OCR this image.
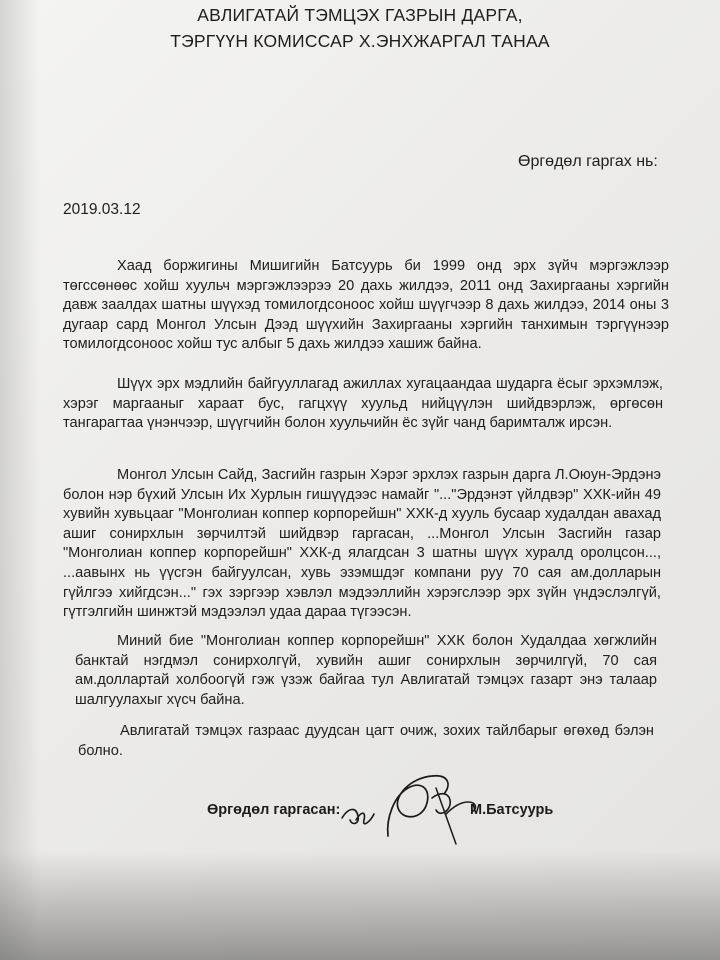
АВЛИГАТАЙ ТЭМЦЭХ ГАЗРЫН ДАРГА,
ТЭРГҮҮН КОМИССАР Х.ЭНХЖАРГАЛ ТАНАА
Өргөдөл гаргах нь:
2019.03.12
Хаад боржигины Мишигийн Батсуурь би 1999 онд эрх зүйч мэргэжлээр төгссөнөөс хойш хуульч мэргэжлээрээ 20 дахь жилдээ, 2011 онд Захиргааны хэргийн давж заалдах шатны шүүхэд томилогдсоноос хойш шүүгчээр 8 дахь жилдээ, 2014 оны 3 дугаар сард Монгол Улсын Дээд шүүхийн Захиргааны хэргийн танхимын тэргүүнээр томилогдсоноос хойш тус албыг 5 дахь жилдээ хашиж байна.
Шүүх эрх мэдлийн байгууллагад ажиллах хугацаандаа шударга ёсыг эрхэмлэж, хэрэг маргааныг хараат бус, гагцхүү хуульд нийцүүлэн шийдвэрлэж, өргөсөн тангарагтаа үнэнчээр, шүүгчийн болон хуульчийн ёс зүйг чанд баримталж ирсэн.
Монгол Улсын Сайд, Засгийн газрын Хэрэг эрхлэх газрын дарга Л.Оюун-Эрдэнэ болон нэр бүхий Улсын Их Хурлын гишүүдээс намайг "..."Эрдэнэт үйлдвэр" ХХК-ийн 49 хувийн хувьцааг "Монголиан коппер корпорейшн" ХХК-д хууль бусаар худалдан авахад ашиг сонирхлын зөрчилтэй шийдвэр гаргасан, ...Монгол Улсын Засгийн газар "Монголиан коппер корпорейшн" ХХК-д ялагдсан 3 шатны шүүх хуралд оролцсон..., ...аавынх нь үүсгэн байгуулсан, хувь эзэмшдэг компани руу 70 сая ам.долларын гүйлгээ хийгдсэн..." гэх зэргээр хэвлэл мэдээллийн хэрэгслээр эрх зүйн үндэслэлгүй, гүтгэлгийн шинжтэй мэдээлэл удаа дараа түгээсэн.
Миний бие "Монголиан коппер корпорейшн" ХХК болон Худалдаа хөгжлийн банктай нэгдмэл сонирхолгүй, хувийн ашиг сонирхлын зөрчилгүй, 70 сая ам.доллартай холбоогүй гэж үзэж байгаа тул Авлигатай тэмцэх газарт энэ талаар шалгуулахыг хүсч байна.
Авлигатай тэмцэх газраас дуудсан цагт очиж, зохих тайлбарыг өгөхөд бэлэн болно.
Өргөдөл гаргасан:	М.Батсуурь
